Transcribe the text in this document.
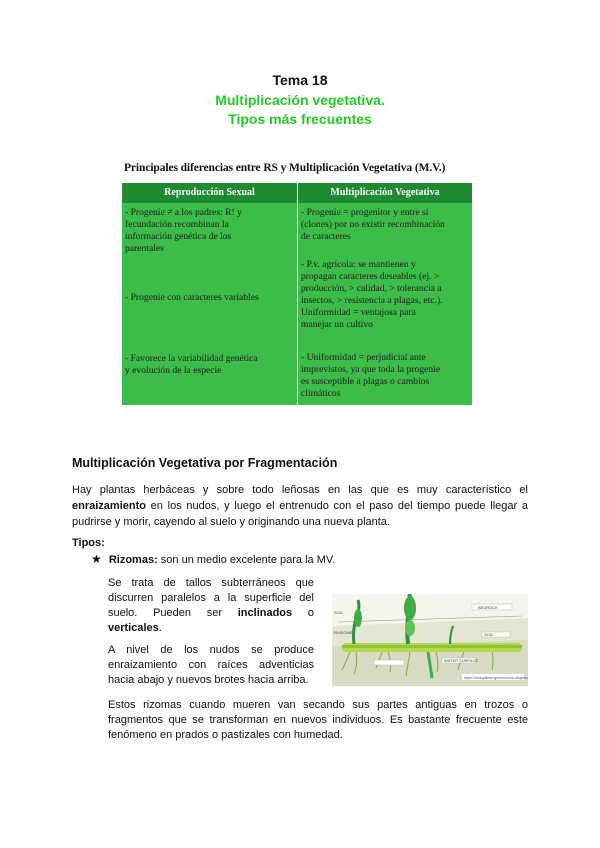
Tema 18
Multiplicación vegetativa.
Tipos más frecuentes
Principales diferencias entre RS y Multiplicación Vegetativa (M.V.)
Reproducción Sexual	Multiplicación Vegetativa
- Progenie ≠ a los padres: R! y
fecundación recombinan la
información genética de los
parentales
- Progenie con caracteres variables
- Favorece la variabilidad genética
y evolución de la especie
- Progenie = progenitor y entre sí
(clones) por no existir recombinación
de caracteres
- P.v. agrícola: se mantienen y
propagan caracteres deseables (ej. >
producción, > calidad, > tolerancia a
insectos, > resistencia a plagas, etc.).
Uniformidad = ventajosa para
manejar un cultivo
- Uniformidad = perjudicial ante
imprevistos, ya que toda la progenie
es susceptible a plagas o cambios
climáticos
Multiplicación Vegetativa por Fragmentación
Hay plantas herbáceas y sobre todo leñosas en las que es muy característico el
enraizamiento en los nudos, y luego el entrenudo con el paso del tiempo puede llegar a
pudrirse y morir, cayendo al suelo y originando una nueva planta.
Tipos:
★ Rizomas: son un medio excelente para la MV.
Se trata de tallos subterráneos que
discurren paralelos a la superficie del
suelo. Pueden ser inclinados o
verticales.
A nivel de los nudos se produce
enraizamiento con raíces adventicias
hacia abajo y nuevos brotes hacia arriba.
SOIL
RHIZOME
WATER SURFACE
SOIL
BEDROCK
https://mosquitoes.gov/rhizome-diagram
Estos rizomas cuando mueren van secando sus partes antiguas en trozos o
fragmentos que se transforman en nuevos individuos. Es bastante frecuente este
fenómeno en prados o pastizales con humedad.
